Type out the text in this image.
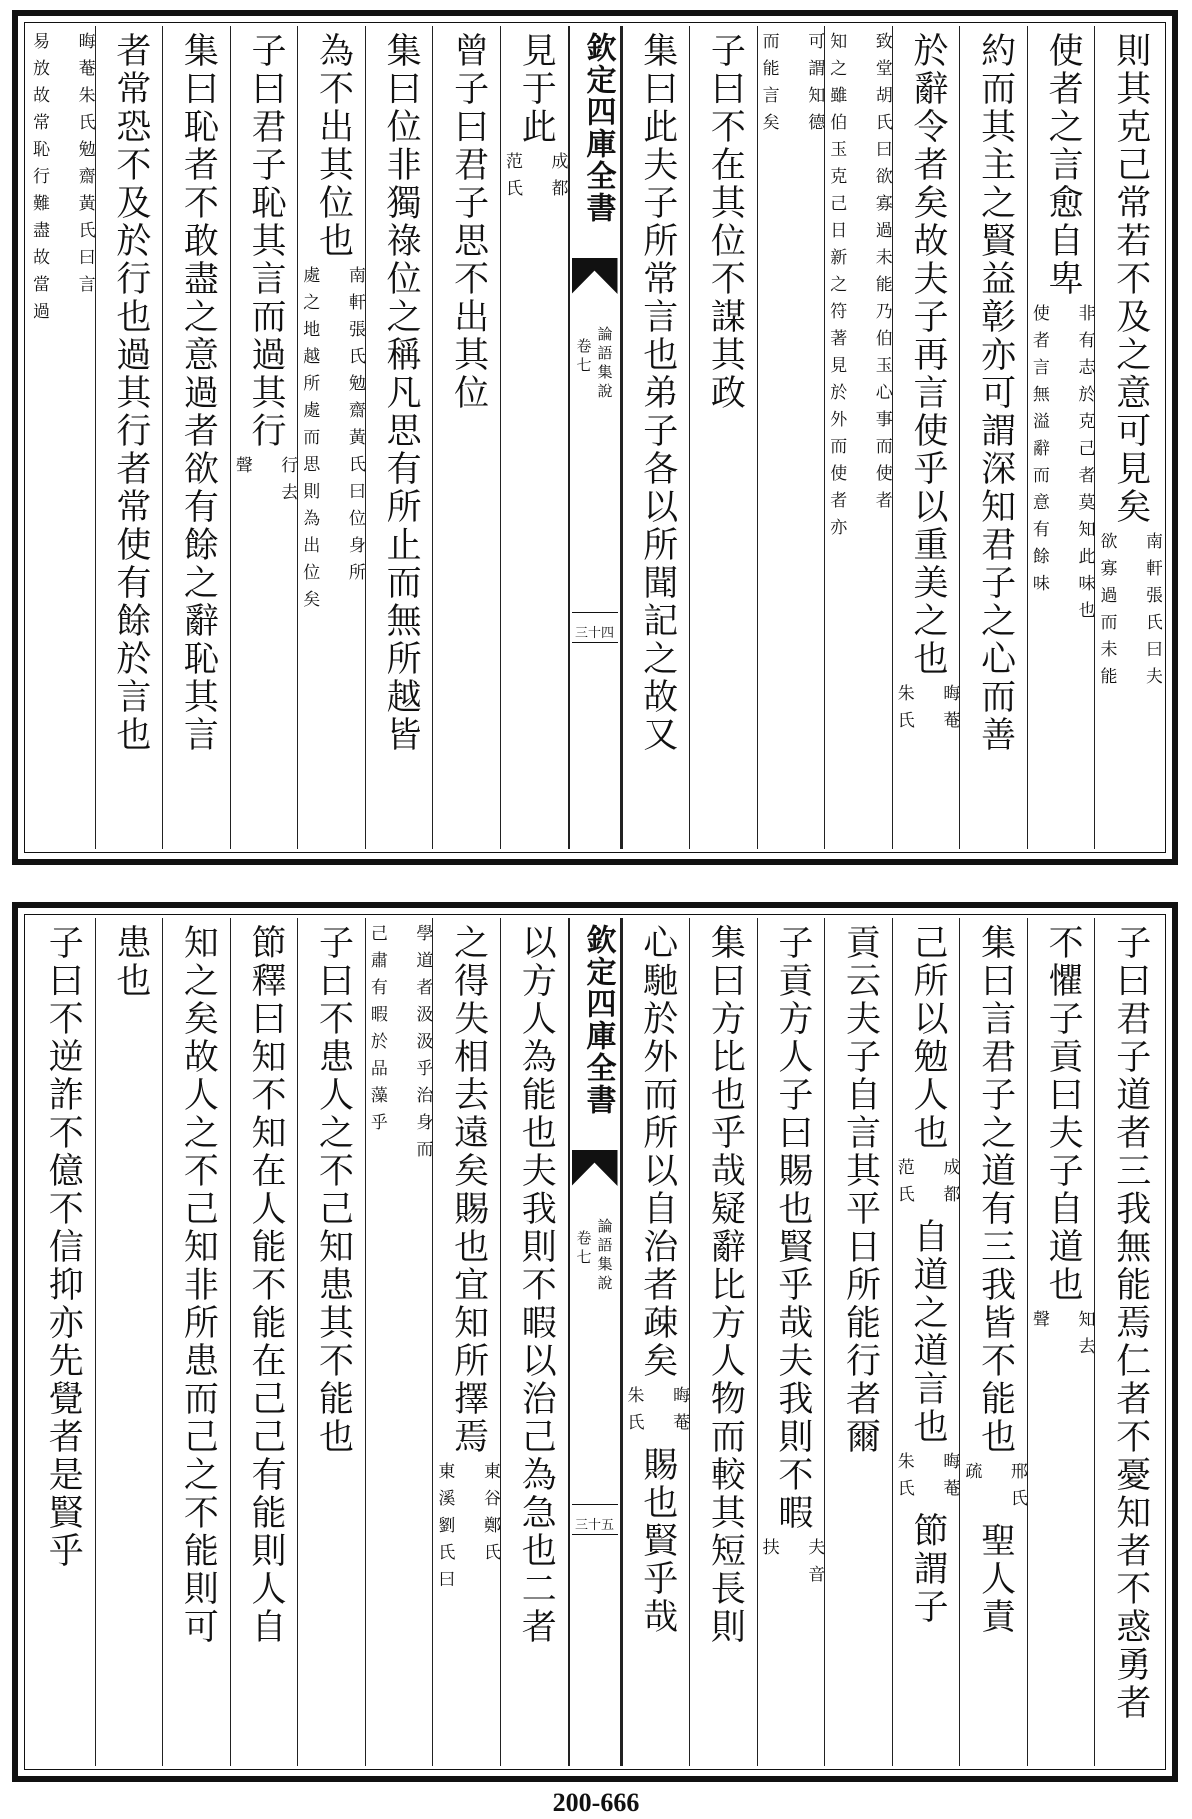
則其克己常若不及之意可見矣
南軒張氏曰夫
欲寡過而未能
使者之言愈自卑
非有志於克己者莫知此味也
使者言無溢辭而意有餘味
約而其主之賢益彰亦可謂深知君子之心而善
於辭令者矣故夫子再言使乎以重美之也
晦菴
朱氏
致堂胡氏曰欲寡過未能乃伯玉心事而使者
知之雖伯玉克己日新之符著見於外而使者亦
可謂知德
而能言矣
子曰不在其位不謀其政
集曰此夫子所常言也弟子各以所聞記之故又
欽定四庫全書
論語集說
卷七
三十四
見于此
成都
范氏
曾子曰君子思不出其位
集曰位非獨祿位之稱凡思有所止而無所越皆
為不出其位也
南軒張氏勉齋黃氏曰位身所
處之地越所處而思則為出位矣
子曰君子恥其言而過其行
行去
聲
集曰恥者不敢盡之意過者欲有餘之辭恥其言
者常恐不及於行也過其行者常使有餘於言也
晦菴朱氏勉齋黃氏曰言
易放故常恥行難盡故當過
子曰君子道者三我無能焉仁者不憂知者不惑勇者
不懼子貢曰夫子自道也
知去
聲
集曰言君子之道有三我皆不能也
邢氏
疏
聖人責
己所以勉人也
成都
范氏
自道之道言也
晦菴
朱氏
節謂子
貢云夫子自言其平日所能行者爾
子貢方人子曰賜也賢乎哉夫我則不暇
夫音
扶
集曰方比也乎哉疑辭比方人物而較其短長則
心馳於外而所以自治者疎矣
晦菴
朱氏
賜也賢乎哉
欽定四庫全書
論語集說
卷七
三十五
以方人為能也夫我則不暇以治己為急也二者
之得失相去遠矣賜也宜知所擇焉
東谷鄭氏
東溪劉氏曰
學道者汲汲乎治身而
己肅有暇於品藻乎
子曰不患人之不己知患其不能也
節釋曰知不知在人能不能在己己有能則人自
知之矣故人之不己知非所患而己之不能則可
患也
子曰不逆詐不億不信抑亦先覺者是賢乎
200-666
